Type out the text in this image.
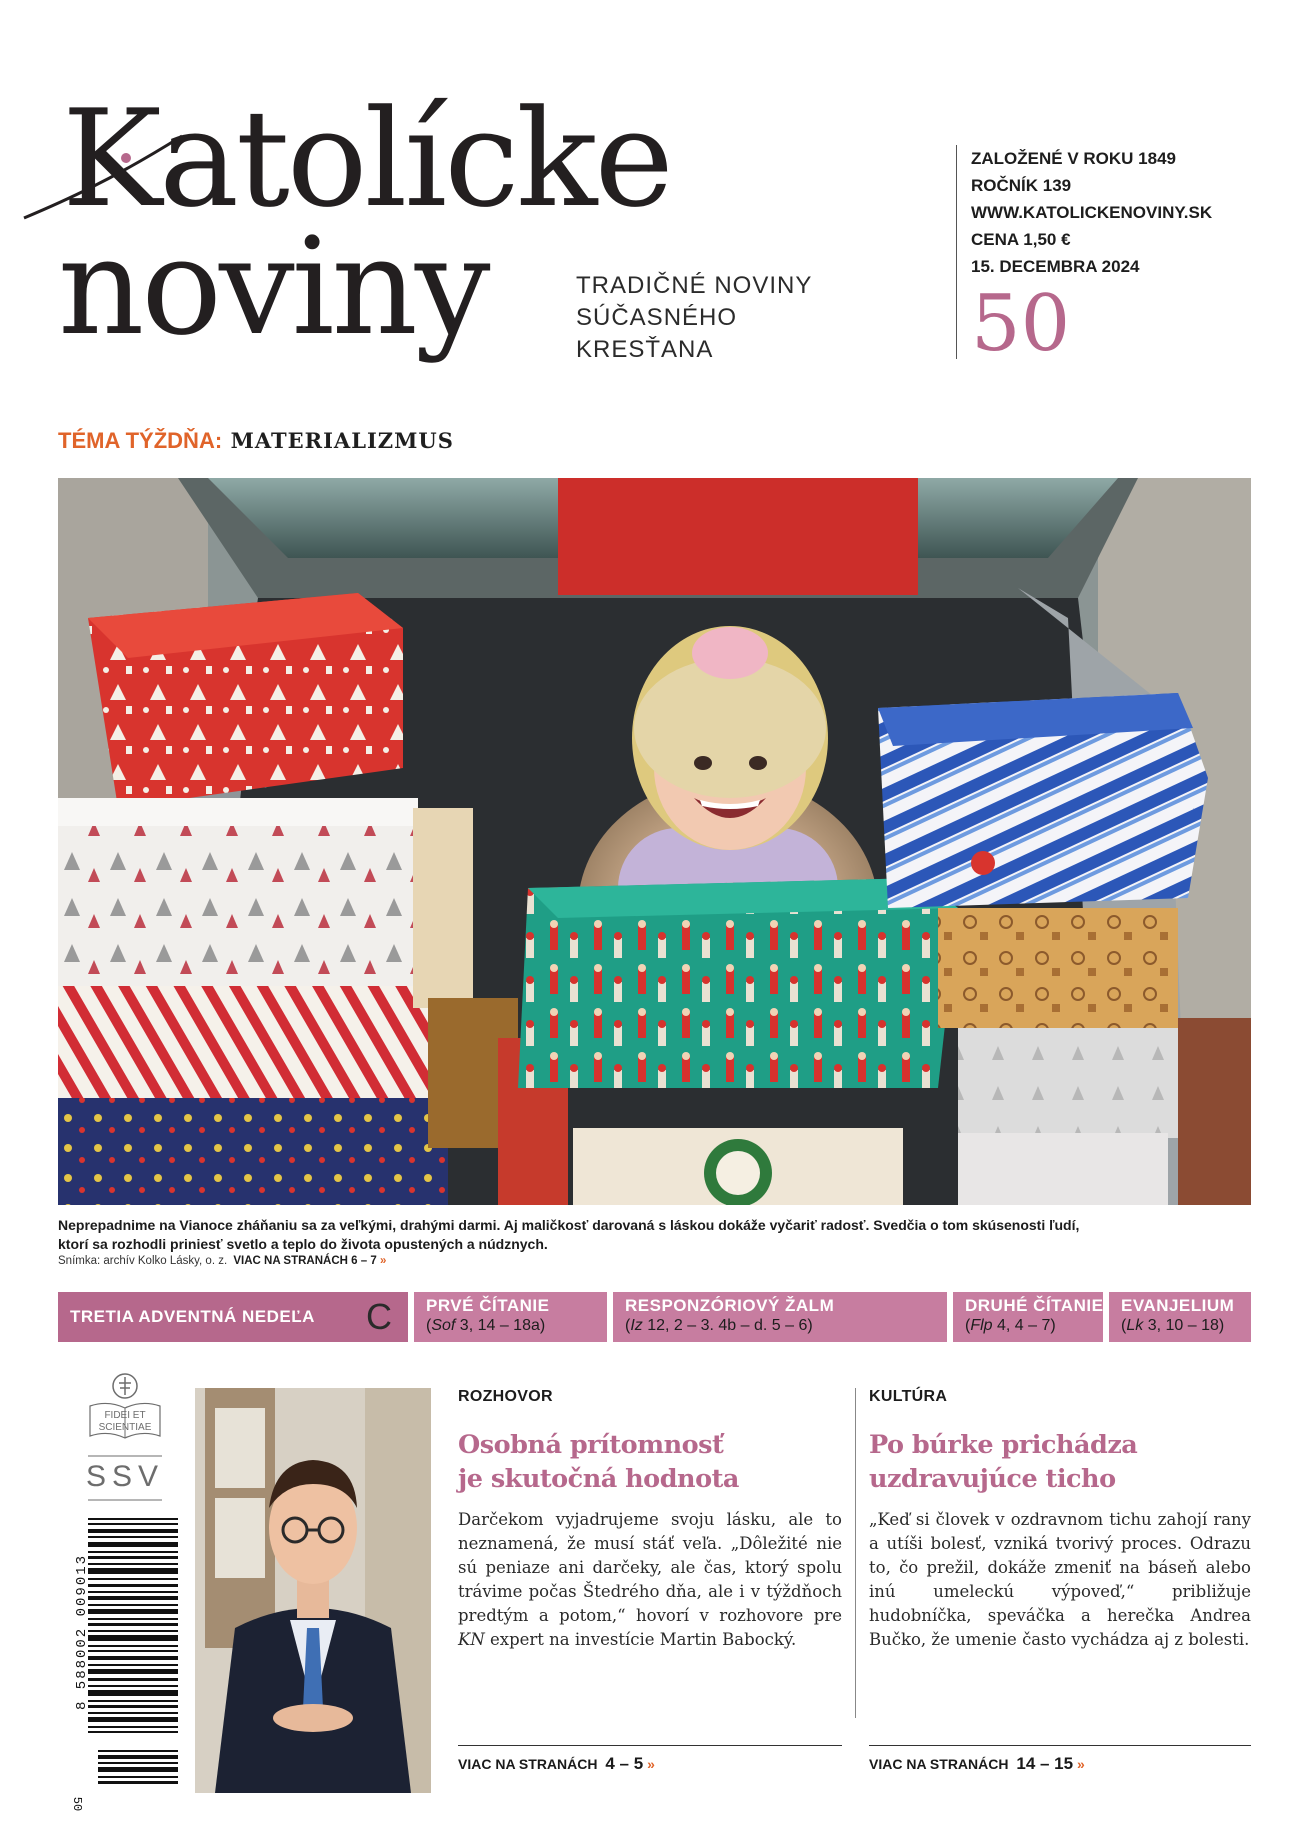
Katolícke
noviny	TRADIČNÉ NOVINY
SÚČASNÉHO
KRESŤANA
ZALOŽENÉ V ROKU 1849
ROČNÍK 139
WWW.KATOLICKENOVINY.SK
CENA 1,50 €
15. DECEMBRA 2024
50
TÉMA TÝŽDŇA: MATERIALIZMUS
Neprepadnime na Vianoce zháňaniu sa za veľkými, drahými darmi. Aj maličkosť darovaná s láskou dokáže vyčariť radosť. Svedčia o tom skúsenosti ľudí,
ktorí sa rozhodli priniesť svetlo a teplo do života opustených a núdznych.
Snímka: archív Kolko Lásky, o. z. VIAC NA STRANÁCH 6 – 7 »
TRETIA ADVENTNÁ NEDEĽA C PRVÉ ČÍTANIE
(Sof 3, 14 – 18a)
RESPONZÓRIOVÝ ŽALM
(Iz 12, 2 – 3. 4b – d. 5 – 6)
DRUHÉ ČÍTANIE
(Flp 4, 4 – 7)
EVANJELIUM
(Lk 3, 10 – 18)
FIDEI ET
SCIENTIAE
SSV
8 588002 009013
50
ROZHOVOR
Osobná prítomnosť
je skutočná hodnota
Darčekom vyjadrujeme svoju lásku, ale to neznamená, že musí stáť veľa. „Dôležité nie sú peniaze ani darčeky, ale čas, ktorý spolu trávime počas Štedrého dňa, ale i v týždňoch predtým a potom,“ hovorí v rozhovore pre KN expert na investície Martin Babocký.
VIAC NA STRANÁCH 4 – 5 »
KULTÚRA
Po búrke prichádza
uzdravujúce ticho
„Keď si človek v ozdravnom tichu zahojí rany a utíši bolesť, vzniká tvorivý proces. Odrazu to, čo prežil, dokáže zmeniť na báseň alebo inú umeleckú výpoveď,“ približuje hudobníčka, speváčka a herečka Andrea Bučko, že umenie často vychádza aj z bolesti.
VIAC NA STRANÁCH 14 – 15 »
